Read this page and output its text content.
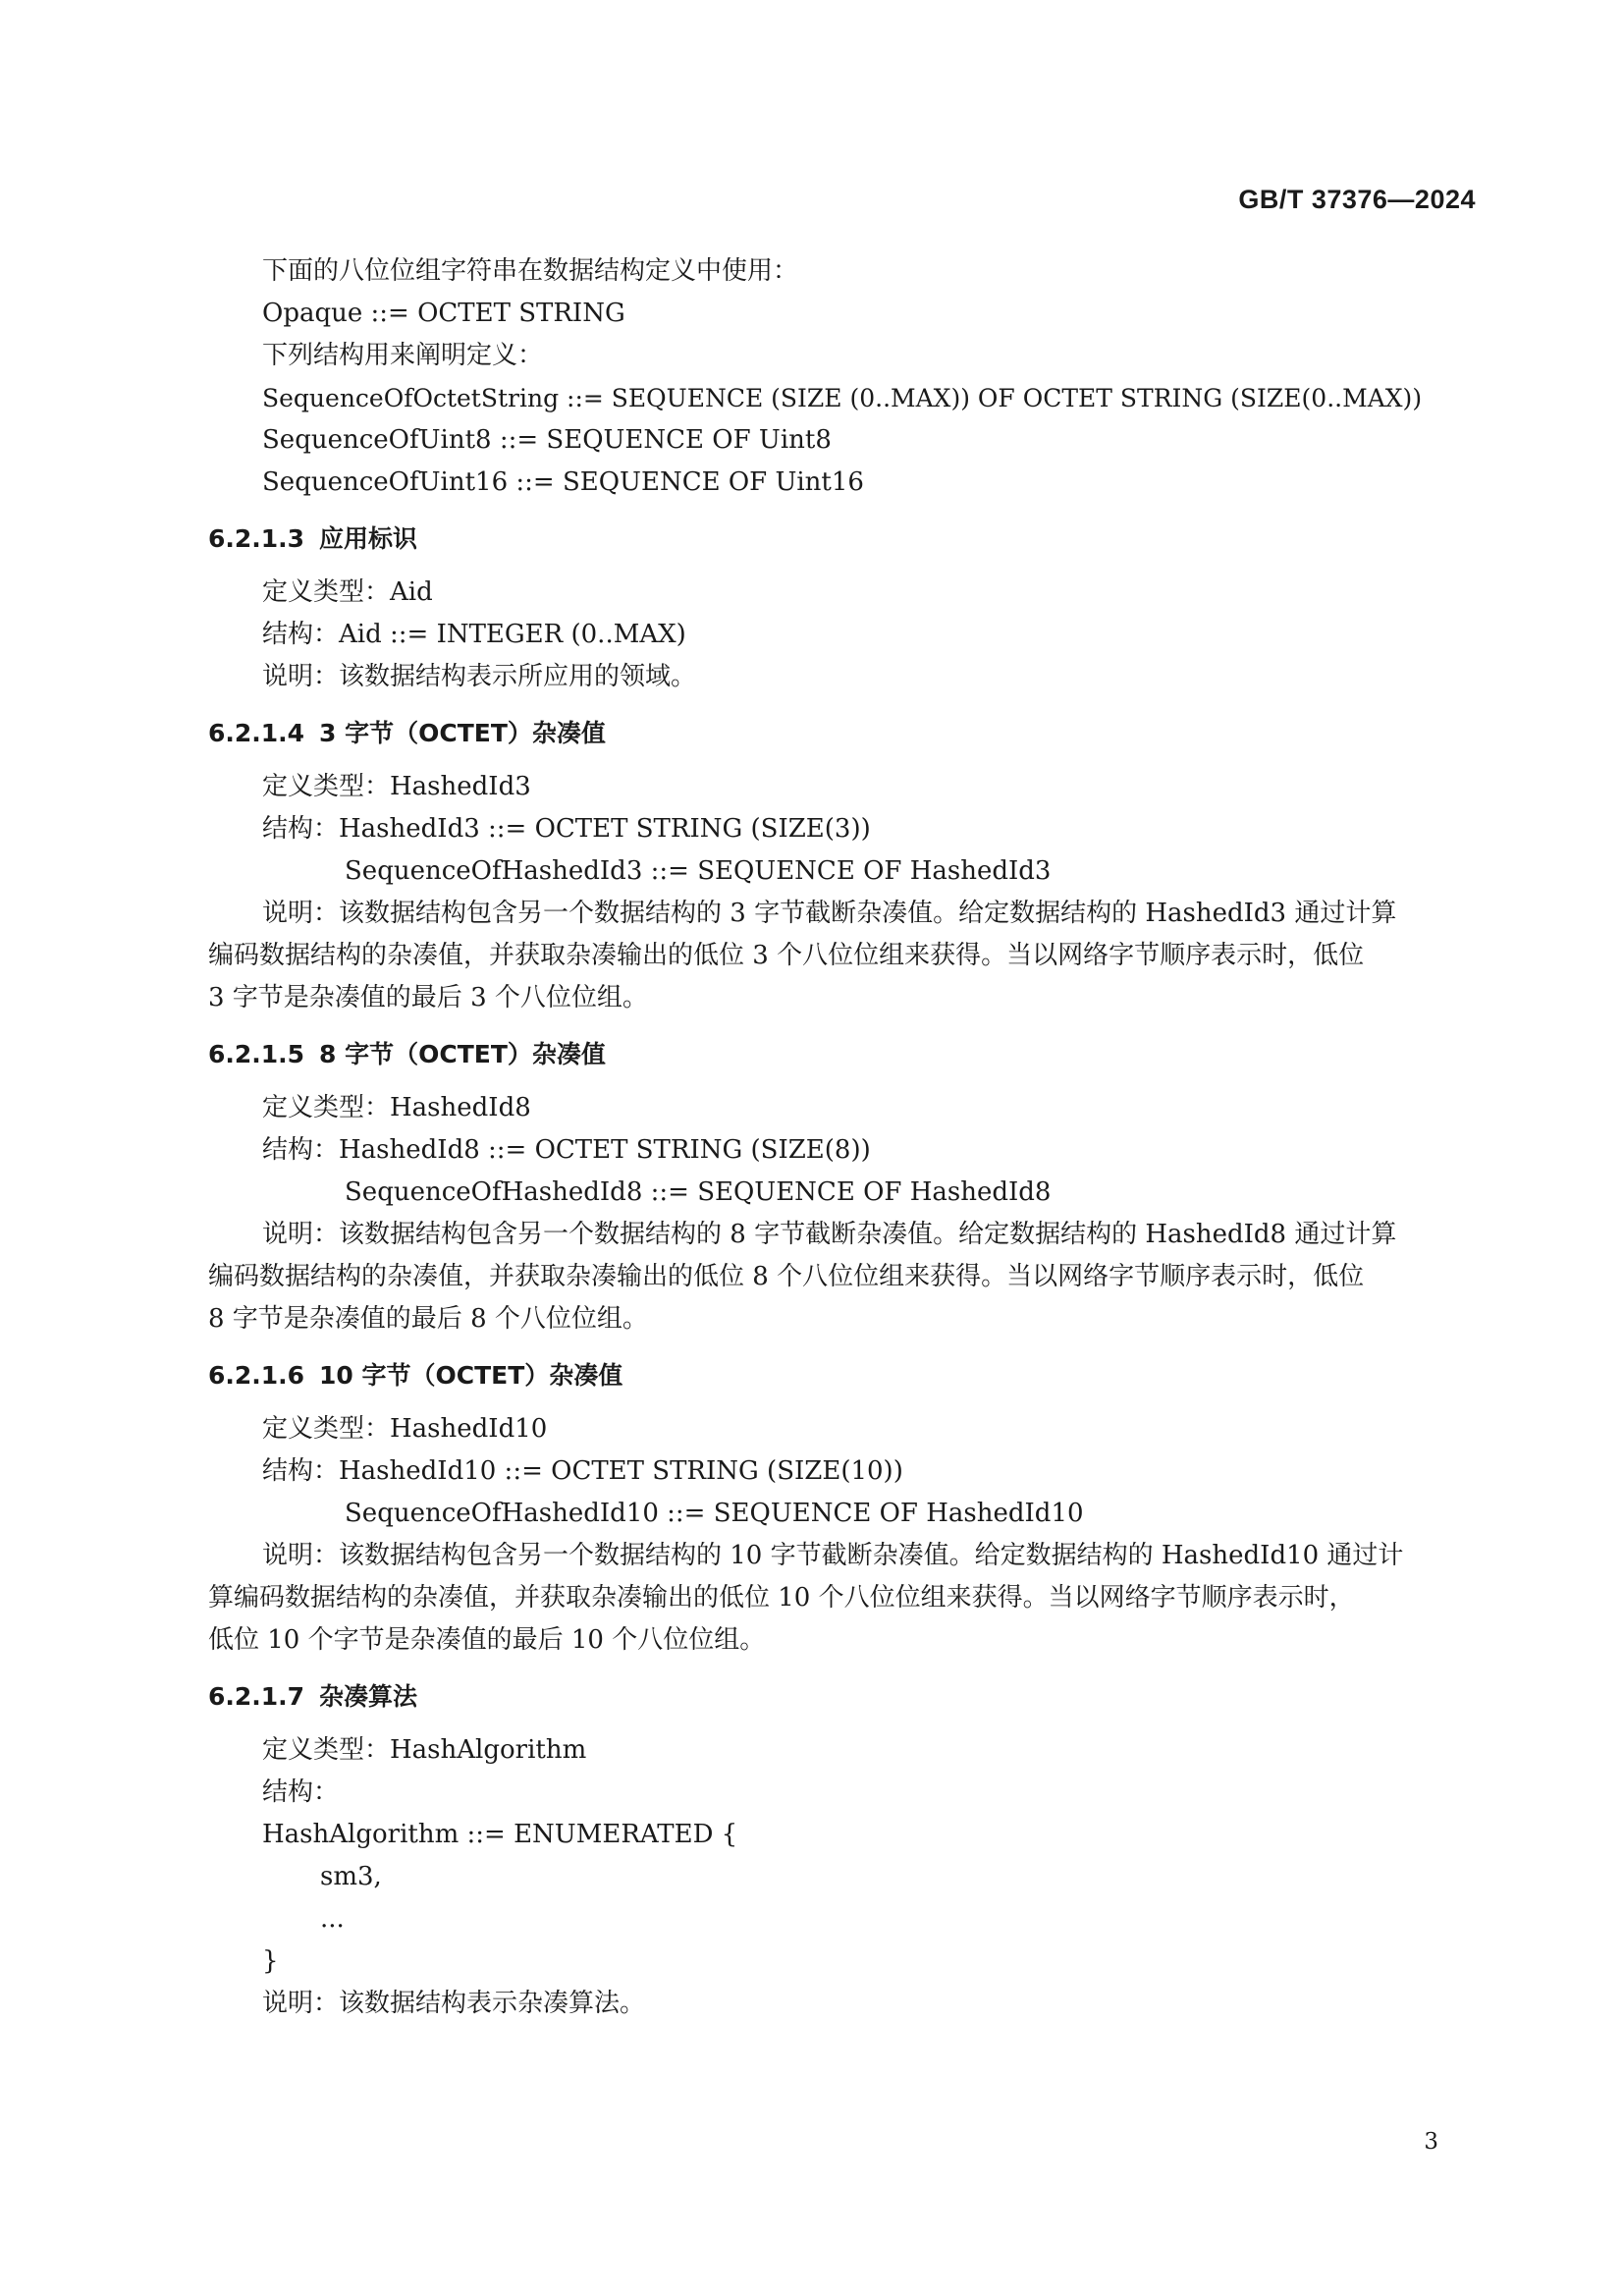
GB/T 37376—2024
下面的八位位组字符串在数据结构定义中使用：
Opaque ::= OCTET STRING
下列结构用来阐明定义：
SequenceOfOctetString ::= SEQUENCE (SIZE (0..MAX)) OF OCTET STRING (SIZE(0..MAX))
SequenceOfUint8 ::= SEQUENCE OF Uint8
SequenceOfUint16 ::= SEQUENCE OF Uint16
6.2.1.3 应用标识
定义类型：Aid
结构：Aid ::= INTEGER (0..MAX)
说明：该数据结构表示所应用的领域。
6.2.1.4 3 字节（OCTET）杂凑值
定义类型：HashedId3
结构：HashedId3 ::= OCTET STRING (SIZE(3))
SequenceOfHashedId3 ::= SEQUENCE OF HashedId3
说明：该数据结构包含另一个数据结构的 3 字节截断杂凑值。给定数据结构的 HashedId3 通过计算
编码数据结构的杂凑值，并获取杂凑输出的低位 3 个八位位组来获得。当以网络字节顺序表示时，低位
3 字节是杂凑值的最后 3 个八位位组。
6.2.1.5 8 字节（OCTET）杂凑值
定义类型：HashedId8
结构：HashedId8 ::= OCTET STRING (SIZE(8))
SequenceOfHashedId8 ::= SEQUENCE OF HashedId8
说明：该数据结构包含另一个数据结构的 8 字节截断杂凑值。给定数据结构的 HashedId8 通过计算
编码数据结构的杂凑值，并获取杂凑输出的低位 8 个八位位组来获得。当以网络字节顺序表示时，低位
8 字节是杂凑值的最后 8 个八位位组。
6.2.1.6 10 字节（OCTET）杂凑值
定义类型：HashedId10
结构：HashedId10 ::= OCTET STRING (SIZE(10))
SequenceOfHashedId10 ::= SEQUENCE OF HashedId10
说明：该数据结构包含另一个数据结构的 10 字节截断杂凑值。给定数据结构的 HashedId10 通过计
算编码数据结构的杂凑值，并获取杂凑输出的低位 10 个八位位组来获得。当以网络字节顺序表示时，
低位 10 个字节是杂凑值的最后 10 个八位位组。
6.2.1.7 杂凑算法
定义类型：HashAlgorithm
结构：
HashAlgorithm ::= ENUMERATED {
sm3,
...
}
说明：该数据结构表示杂凑算法。
3
